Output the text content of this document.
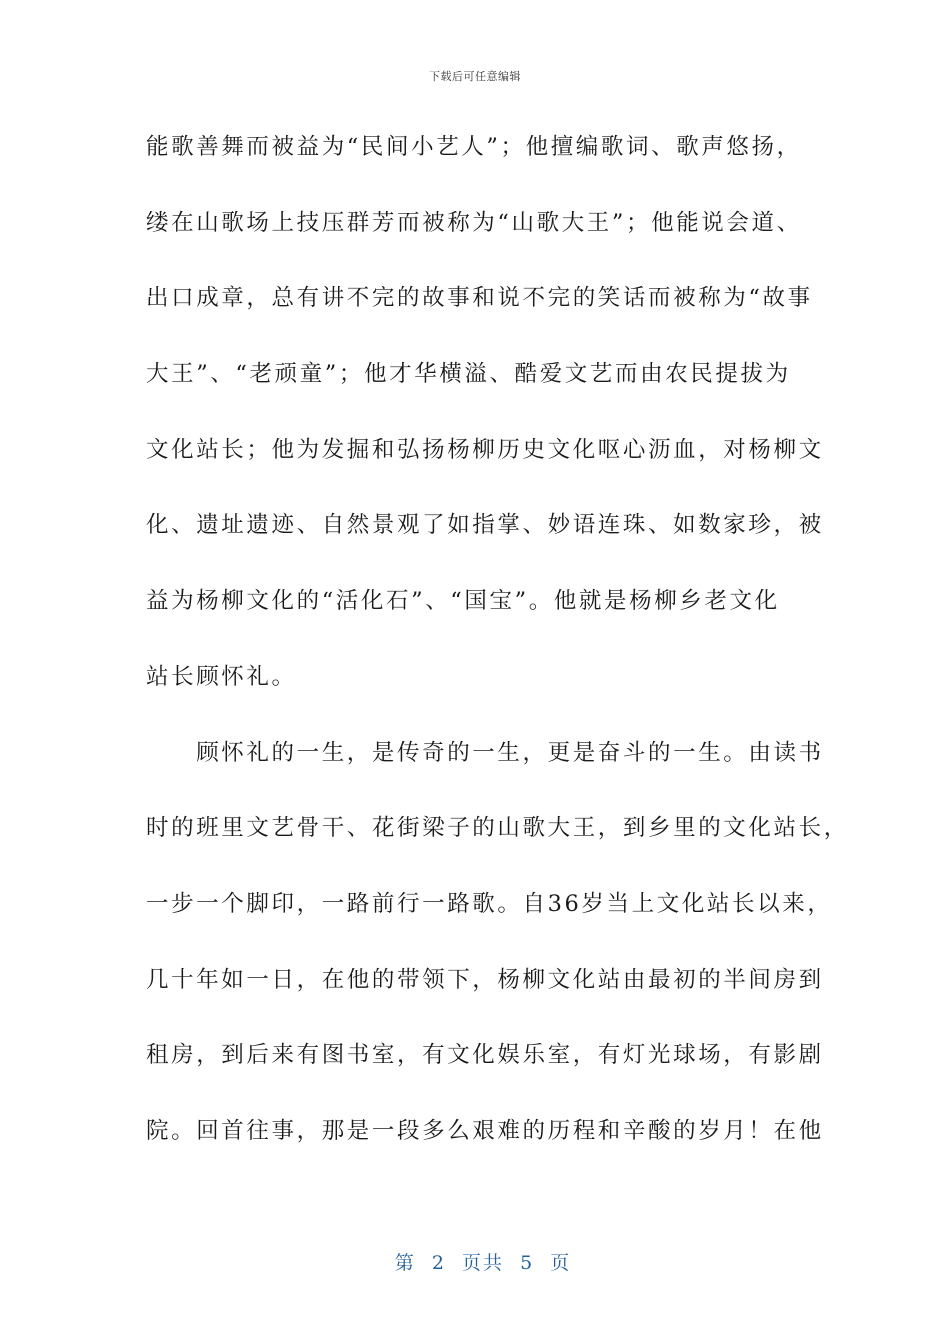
下载后可任意编辑
能歌善舞而被益为“民间小艺人”；他擅编歌词、歌声悠扬，
缕在山歌场上技压群芳而被称为“山歌大王”；他能说会道、
出口成章，总有讲不完的故事和说不完的笑话而被称为“故事
大王”、“老顽童”；他才华横溢、酷爱文艺而由农民提拔为
文化站长；他为发掘和弘扬杨柳历史文化呕心沥血，对杨柳文
化、遗址遗迹、自然景观了如指掌、妙语连珠、如数家珍，被
益为杨柳文化的“活化石”、“国宝”。他就是杨柳乡老文化
站长顾怀礼。
　　顾怀礼的一生，是传奇的一生，更是奋斗的一生。由读书
时的班里文艺骨干、花街梁子的山歌大王，到乡里的文化站长，
一步一个脚印，一路前行一路歌。自36岁当上文化站长以来，
几十年如一日，在他的带领下，杨柳文化站由最初的半间房到
租房，到后来有图书室，有文化娱乐室，有灯光球场，有影剧
院。回首往事，那是一段多么艰难的历程和辛酸的岁月！在他

第  2  页共  5  页
